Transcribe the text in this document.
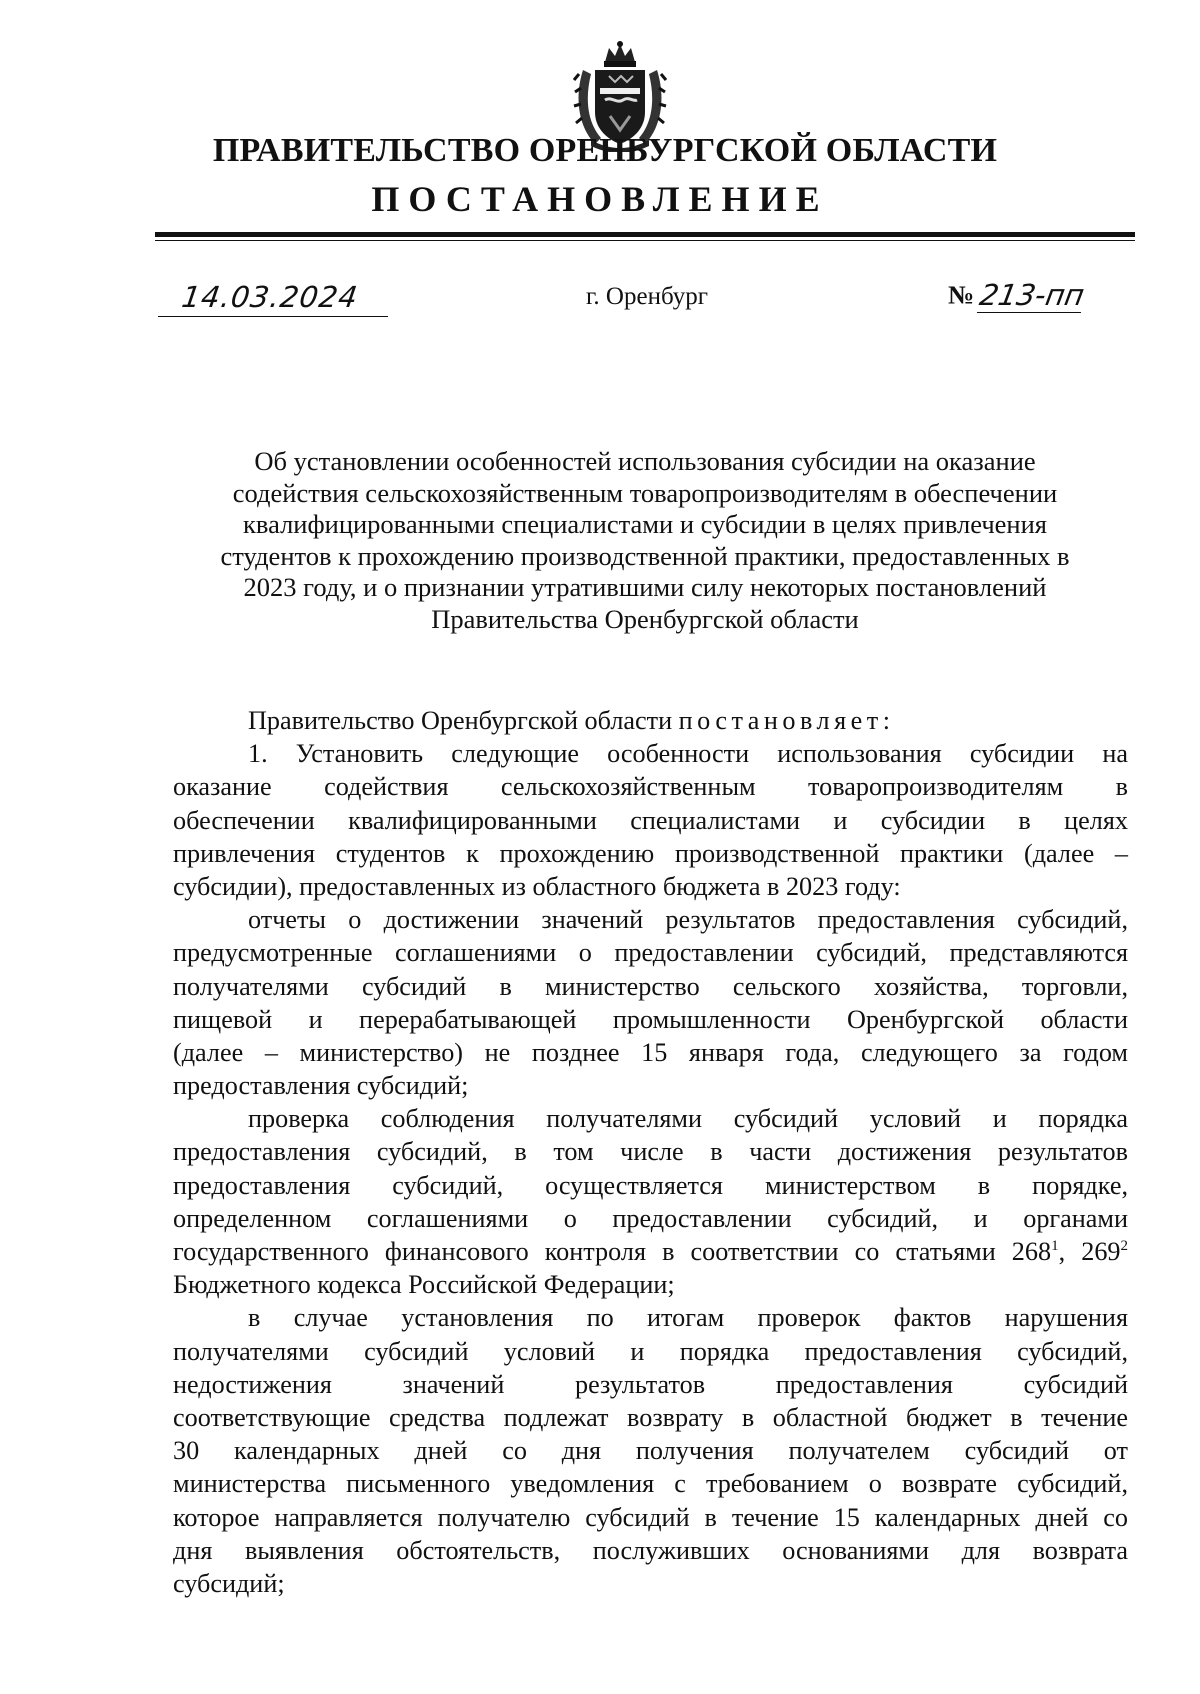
ПРАВИТЕЛЬСТВО ОРЕНБУРГСКОЙ ОБЛАСТИ
ПОСТАНОВЛЕНИЕ
14.03.2024	г. Оренбург	№ 213-пп
Об установлении особенностей использования субсидии на оказание
содействия сельскохозяйственным товаропроизводителям в обеспечении
квалифицированными специалистами и субсидии в целях привлечения
студентов к прохождению производственной практики, предоставленных в
2023 году, и о признании утратившими силу некоторых постановлений
Правительства Оренбургской области
Правительство Оренбургской области постановляет:
1. Установить следующие особенности использования субсидии на
оказание содействия сельскохозяйственным товаропроизводителям в
обеспечении квалифицированными специалистами и субсидии в целях
привлечения студентов к прохождению производственной практики (далее –
субсидии), предоставленных из областного бюджета в 2023 году:
отчеты о достижении значений результатов предоставления субсидий,
предусмотренные соглашениями о предоставлении субсидий, представляются
получателями субсидий в министерство сельского хозяйства, торговли,
пищевой и перерабатывающей промышленности Оренбургской области
(далее – министерство) не позднее 15 января года, следующего за годом
предоставления субсидий;
проверка соблюдения получателями субсидий условий и порядка
предоставления субсидий, в том числе в части достижения результатов
предоставления субсидий, осуществляется министерством в порядке,
определенном соглашениями о предоставлении субсидий, и органами
государственного финансового контроля в соответствии со статьями $268^1$, $269^2$
Бюджетного кодекса Российской Федерации;
в случае установления по итогам проверок фактов нарушения
получателями субсидий условий и порядка предоставления субсидий,
недостижения значений результатов предоставления субсидий
соответствующие средства подлежат возврату в областной бюджет в течение
30 календарных дней со дня получения получателем субсидий от
министерства письменного уведомления с требованием о возврате субсидий,
которое направляется получателю субсидий в течение 15 календарных дней со
дня выявления обстоятельств, послуживших основаниями для возврата
субсидий;
